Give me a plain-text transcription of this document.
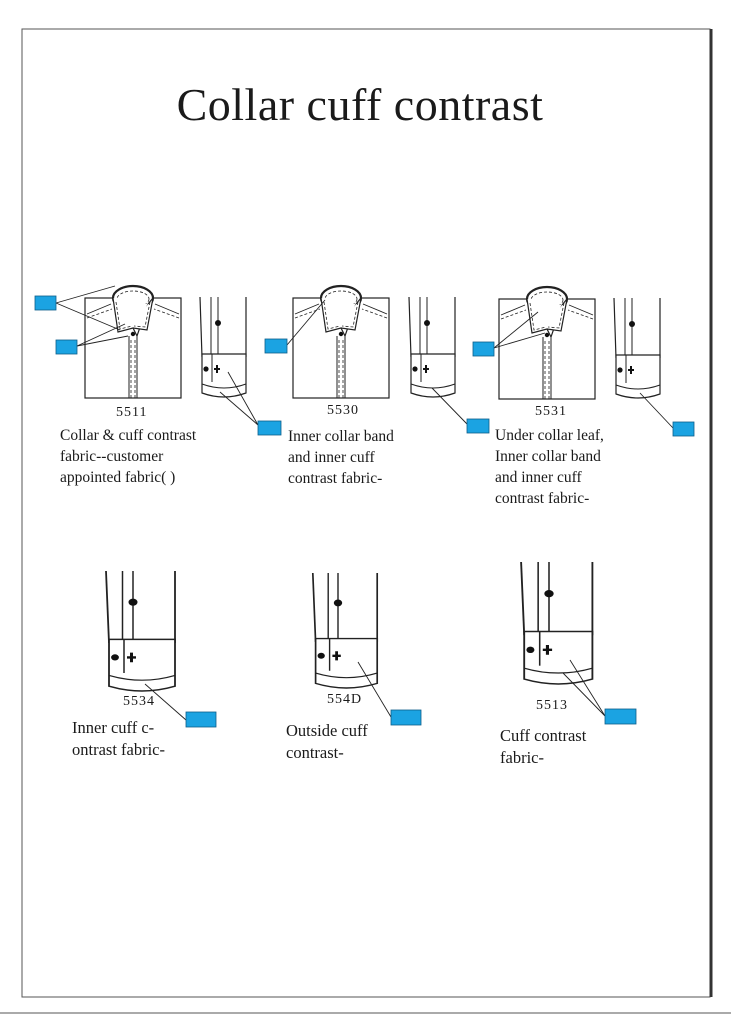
Collar cuff contrast
5511
Collar & cuff contrast
fabric--customer
appointed fabric( )
5530
Inner collar band
and inner cuff
contrast fabric-
5531
Under collar leaf,
Inner collar band
and inner cuff
contrast fabric-
5534
Inner cuff c-
ontrast fabric-
554D
Outside cuff
contrast-
5513
Cuff contrast
fabric-
